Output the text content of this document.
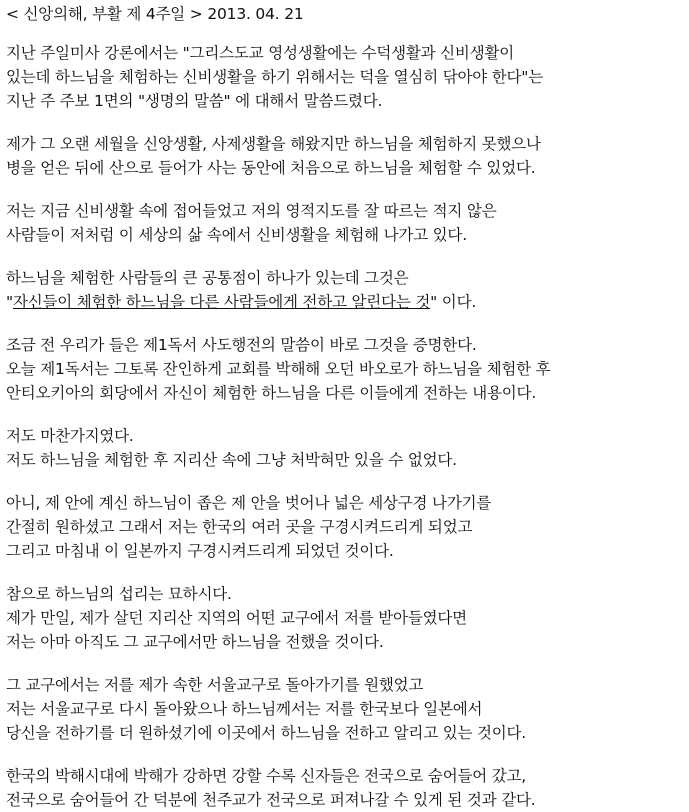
< 신앙의해, 부활 제 4주일 > 2013. 04. 21
지난 주일미사 강론에서는 "그리스도교 영성생활에는 수덕생활과 신비생활이
있는데 하느님을 체험하는 신비생활을 하기 위해서는 덕을 열심히 닦아야 한다"는
지난 주 주보 1면의 "생명의 말씀" 에 대해서 말씀드렸다.
제가 그 오랜 세월을 신앙생활, 사제생활을 해왔지만 하느님을 체험하지 못했으나
병을 얻은 뒤에 산으로 들어가 사는 동안에 처음으로 하느님을 체험할 수 있었다.
저는 지금 신비생활 속에 접어들었고 저의 영적지도를 잘 따르는 적지 않은
사람들이 저처럼 이 세상의 삶 속에서 신비생활을 체험해 나가고 있다.
하느님을 체험한 사람들의 큰 공통점이 하나가 있는데 그것은
"자신들이 체험한 하느님을 다른 사람들에게 전하고 알린다는 것" 이다.
조금 전 우리가 들은 제1독서 사도행전의 말씀이 바로 그것을 증명한다.
오늘 제1독서는 그토록 잔인하게 교회를 박해해 오던 바오로가 하느님을 체험한 후
안티오키아의 회당에서 자신이 체험한 하느님을 다른 이들에게 전하는 내용이다.
저도 마찬가지였다.
저도 하느님을 체험한 후 지리산 속에 그냥 처박혀만 있을 수 없었다.
아니, 제 안에 계신 하느님이 좁은 제 안을 벗어나 넓은 세상구경 나가기를
간절히 원하셨고 그래서 저는 한국의 여러 곳을 구경시켜드리게 되었고
그리고 마침내 이 일본까지 구경시켜드리게 되었던 것이다.
참으로 하느님의 섭리는 묘하시다.
제가 만일, 제가 살던 지리산 지역의 어떤 교구에서 저를 받아들였다면
저는 아마 아직도 그 교구에서만 하느님을 전했을 것이다.
그 교구에서는 저를 제가 속한 서울교구로 돌아가기를 원했었고
저는 서울교구로 다시 돌아왔으나 하느님께서는 저를 한국보다 일본에서
당신을 전하기를 더 원하셨기에 이곳에서 하느님을 전하고 알리고 있는 것이다.
한국의 박해시대에 박해가 강하면 강할 수록 신자들은 전국으로 숨어들어 갔고,
전국으로 숨어들어 간 덕분에 천주교가 전국으로 퍼져나갈 수 있게 된 것과 같다.
